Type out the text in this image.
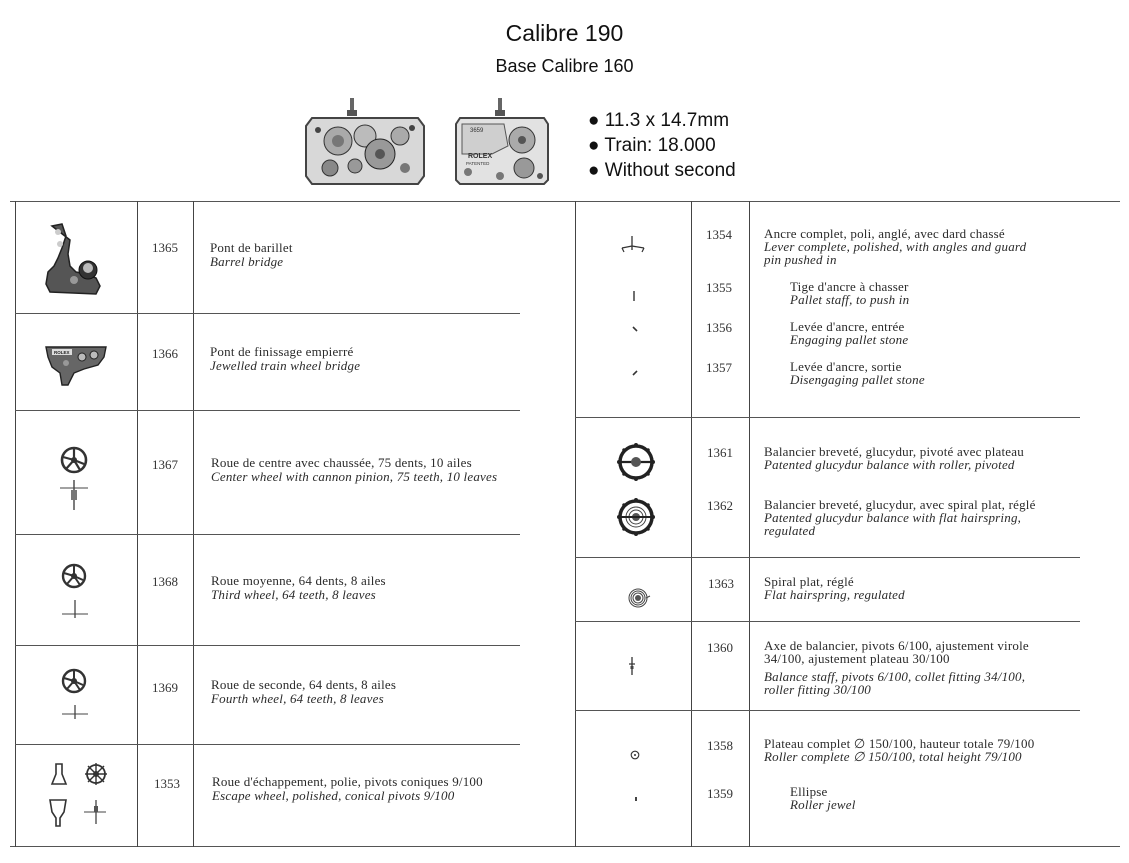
Calibre 190
Base Calibre 160
3659
ROLEX
PATENTED
● 11.3 x 14.7mm
● Train: 18.000
● Without second
1365 Pont de barillet
Barrel bridge
ROLEX	1366 Pont de finissage empierré
Jewelled train wheel bridge
1367	Roue de centre avec chaussée, 75 dents, 10 ailes
Center wheel with cannon pinion, 75 teeth, 10 leaves
1368	Roue moyenne, 64 dents, 8 ailes
Third wheel, 64 teeth, 8 leaves
1369	Roue de seconde, 64 dents, 8 ailes
Fourth wheel, 64 teeth, 8 leaves
1353 Roue d'échappement, polie, pivots coniques 9/100
Escape wheel, polished, conical pivots 9/100
1354 Ancre complet, poli, anglé, avec dard chassé
Lever complete, polished, with angles and guard
pin pushed in
1355	Tige d'ancre à chasser
Pallet staff, to push in
1356	Levée d'ancre, entrée
Engaging pallet stone
1357	Levée d'ancre, sortie
Disengaging pallet stone
1361 Balancier breveté, glucydur, pivoté avec plateau
Patented glucydur balance with roller, pivoted
1362 Balancier breveté, glucydur, avec spiral plat, réglé
Patented glucydur balance with flat hairspring,
regulated
1363 Spiral plat, réglé
Flat hairspring, regulated
1360 Axe de balancier, pivots 6/100, ajustement virole
34/100, ajustement plateau 30/100
Balance staff, pivots 6/100, collet fitting 34/100,
roller fitting 30/100
1358 Plateau complet ∅ 150/100, hauteur totale 79/100
Roller complete ∅ 150/100, total height 79/100
1359	Ellipse
Roller jewel
